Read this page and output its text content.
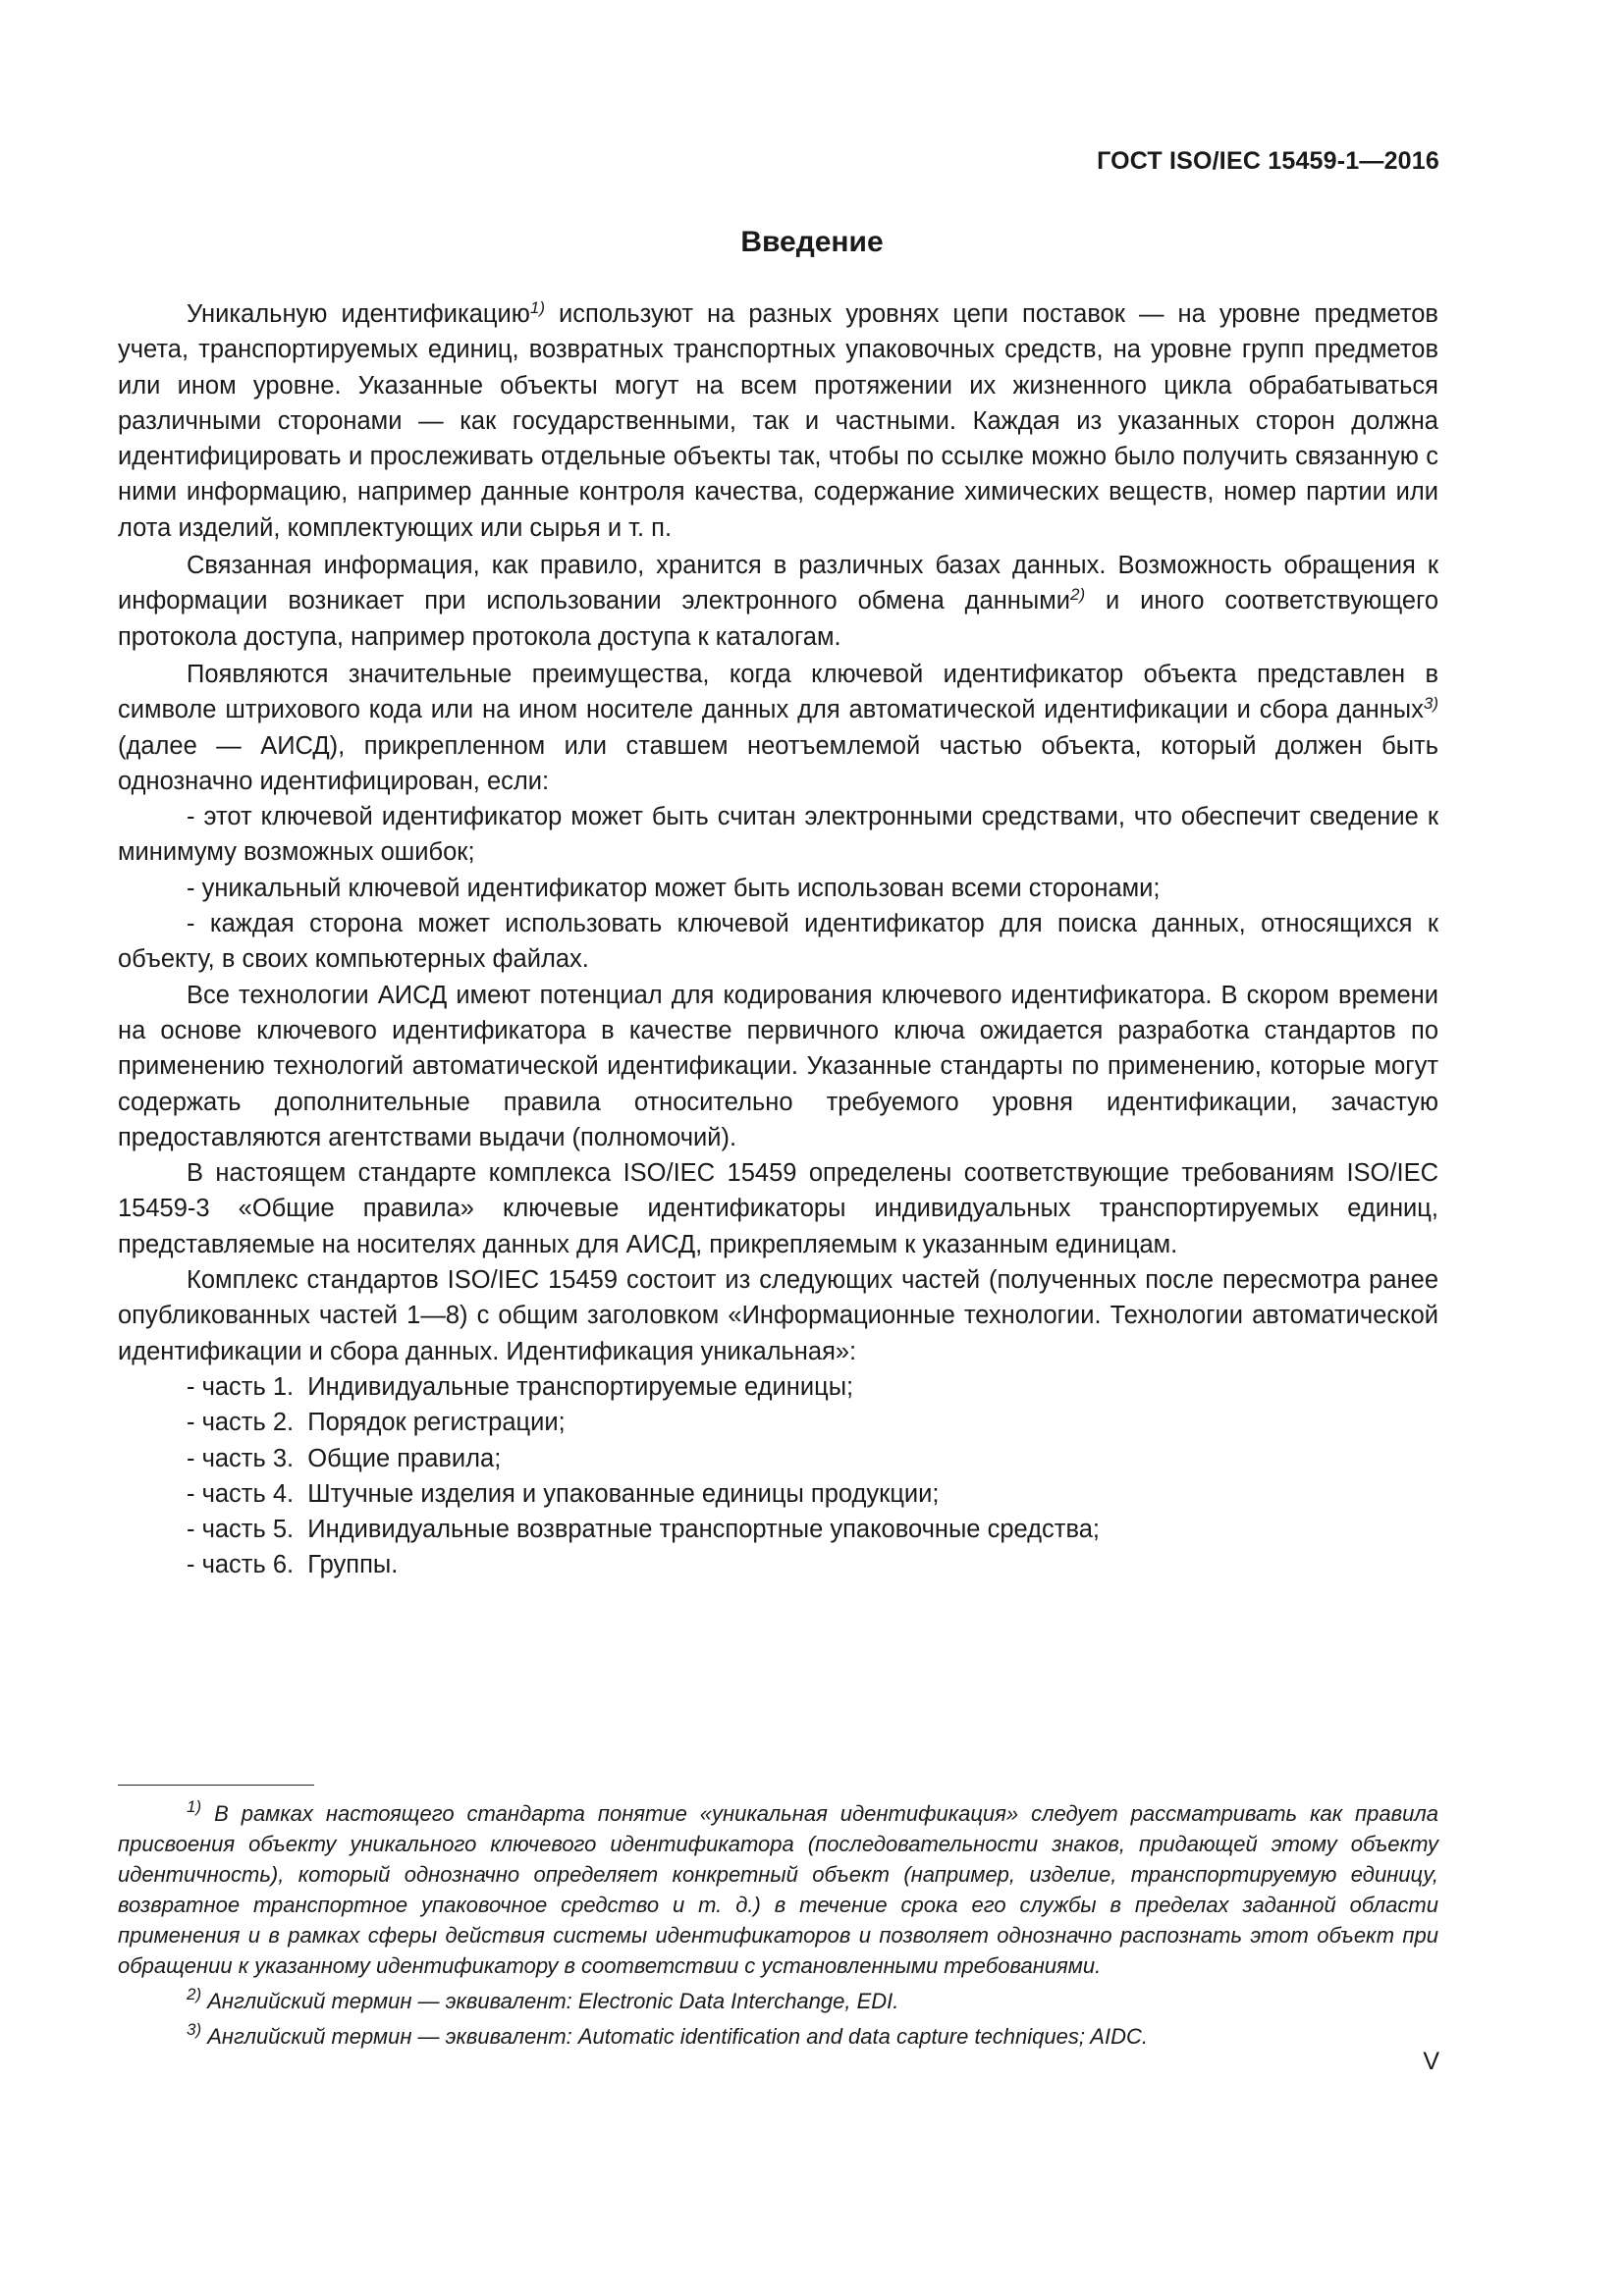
ГОСТ ISO/IEC 15459-1—2016
Введение

Уникальную идентификацию$^{1)}$ используют на разных уровнях цепи поставок — на уровне предметов учета, транспортируемых единиц, возвратных транспортных упаковочных средств, на уровне групп предметов или ином уровне. Указанные объекты могут на всем протяжении их жизненного цикла обрабатываться различными сторонами — как государственными, так и частными. Каждая из указанных сторон должна идентифицировать и прослеживать отдельные объекты так, чтобы по ссылке можно было получить связанную с ними информацию, например данные контроля качества, содержание химических веществ, номер партии или лота изделий, комплектующих или сырья и т. п.

Связанная информация, как правило, хранится в различных базах данных. Возможность обращения к информации возникает при использовании электронного обмена данными$^{2)}$ и иного соответствующего протокола доступа, например протокола доступа к каталогам.

Появляются значительные преимущества, когда ключевой идентификатор объекта представлен в символе штрихового кода или на ином носителе данных для автоматической идентификации и сбора данных$^{3)}$ (далее — АИСД), прикрепленном или ставшем неотъемлемой частью объекта, который должен быть однозначно идентифицирован, если:

- этот ключевой идентификатор может быть считан электронными средствами, что обеспечит сведение к минимуму возможных ошибок;

- уникальный ключевой идентификатор может быть использован всеми сторонами;

- каждая сторона может использовать ключевой идентификатор для поиска данных, относящихся к объекту, в своих компьютерных файлах.

Все технологии АИСД имеют потенциал для кодирования ключевого идентификатора. В скором времени на основе ключевого идентификатора в качестве первичного ключа ожидается разработка стандартов по применению технологий автоматической идентификации. Указанные стандарты по применению, которые могут содержать дополнительные правила относительно требуемого уровня идентификации, зачастую предоставляются агентствами выдачи (полномочий).

В настоящем стандарте комплекса ISO/IEC 15459 определены соответствующие требованиям ISO/IEC 15459-3 «Общие правила» ключевые идентификаторы индивидуальных транспортируемых единиц, представляемые на носителях данных для АИСД, прикрепляемым к указанным единицам.

Комплекс стандартов ISO/IEC 15459 состоит из следующих частей (полученных после пересмотра ранее опубликованных частей 1—8) с общим заголовком «Информационные технологии. Технологии автоматической идентификации и сбора данных. Идентификация уникальная»:

- часть 1.  Индивидуальные транспортируемые единицы;

- часть 2.  Порядок регистрации;

- часть 3.  Общие правила;

- часть 4.  Штучные изделия и упакованные единицы продукции;

- часть 5.  Индивидуальные возвратные транспортные упаковочные средства;

- часть 6.  Группы.

$^{1)}$ В рамках настоящего стандарта понятие «уникальная идентификация» следует рассматривать как правила присвоения объекту уникального ключевого идентификатора (последовательности знаков, придающей этому объекту идентичность), который однозначно определяет конкретный объект (например, изделие, транспортируемую единицу, возвратное транспортное упаковочное средство и т. д.) в течение срока его службы в пределах заданной области применения и в рамках сферы действия системы идентификаторов и позволяет однозначно распознать этот объект при обращении к указанному идентификатору в соответствии с установленными требованиями.

$^{2)}$ Английский термин — эквивалент: Electronic Data Interchange, EDI.

$^{3)}$ Английский термин — эквивалент: Automatic identification and data capture techniques; AIDC.

V
